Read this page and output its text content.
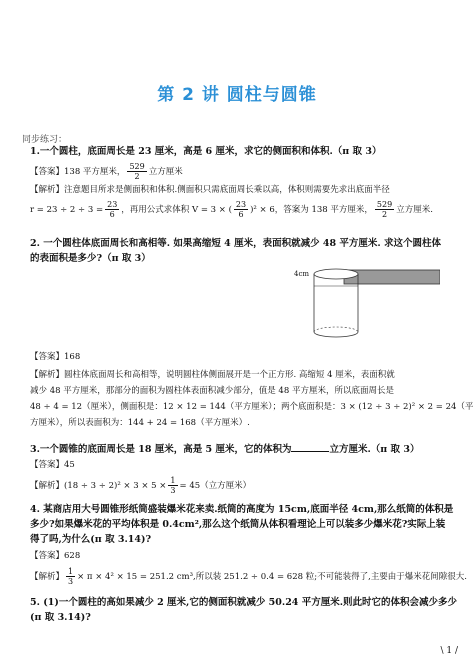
第 2 讲 圆柱与圆锥
同步练习：
1.一个圆柱，底面周长是 23 厘米，高是 6 厘米，求它的侧面积和体积.（π 取 3）
【答案】138 平方厘米， $\frac{529}{2}$ 立方厘米
【解析】注意题目所求是侧面积和体积.侧面积只需底面周长乘以高，体积则需要先求出底面半径
$r = 23 \div 2 \div 3 = \frac{23}{6}$ ，再用公式求体积 V = 3 × ( $\frac{23}{6} )^2 \times 6$，答案为 138 平方厘米， $\frac{529}{2}$ 立方厘米.
2. 一个圆柱体底面周长和高相等. 如果高缩短 4 厘米，表面积就减少 48 平方厘米. 求这个圆柱体
的表面积是多少?（π 取 3）
4cm
【答案】168
【解析】圆柱体底面周长和高相等，说明圆柱体侧面展开是一个正方形. 高缩短 4 厘米，表面积就
减少 48 平方厘米，那部分的面积为圆柱体表面积减少部分，值是 48 平方厘米，所以底面周长是
48 ÷ 4 = 12（厘米），侧面积是：12 × 12 = 144（平方厘米）；两个底面积是：3 × (12 ÷ 3 ÷ 2)² × 2 = 24（平
方厘米），所以表面积为：144 + 24 = 168（平方厘米）.
3.一个圆锥的底面周长是 18 厘米，高是 5 厘米，它的体积为	立方厘米.（π 取 3）
【答案】45
【解析】$(18 \div 3 \div 2)^2 \times 3 \times 5 \times \frac{1}{3} = 45$（立方厘米）
4. 某商店用大号圆锥形纸筒盛装爆米花来卖.纸筒的高度为 15cm,底面半径 4cm,那么纸筒的体积是
多少?如果爆米花的平均体积是 0.4cm²,那么这个纸筒从体积看理论上可以装多少爆米花?实际上装
得了吗,为什么(π 取 3.14)?
【答案】628
【解析】 $\frac{1}{3} \times \pi \times 4^2 \times 15 = 251.2$ cm³,所以装 251.2 ÷ 0.4 = 628 粒;不可能装得了,主要由于爆米花间隙很大.
5. (1)一个圆柱的高如果减少 2 厘米,它的侧面积就减少 50.24 平方厘米.则此时它的体积会减少多少
(π 取 3.14)?
\ 1 /
